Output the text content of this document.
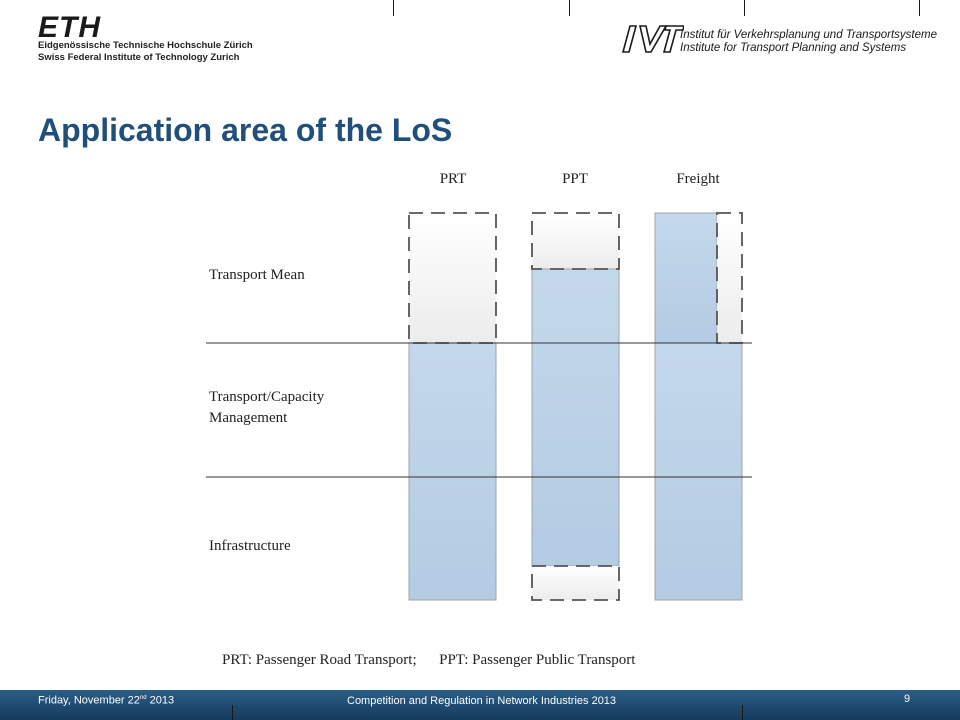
ETH
Eidgenössische Technische Hochschule Zürich
Swiss Federal Institute of Technology Zurich
Institut für Verkehrsplanung und Transportsysteme
Institute for Transport Planning and Systems
Application area of the LoS
PRT	PPT	Freight
Transport Mean
Transport/Capacity
Management
Infrastructure
PRT: Passenger Road Transport;      PPT: Passenger Public Transport
Friday, November 22nd 2013	Competition and Regulation in Network Industries 2013	9
